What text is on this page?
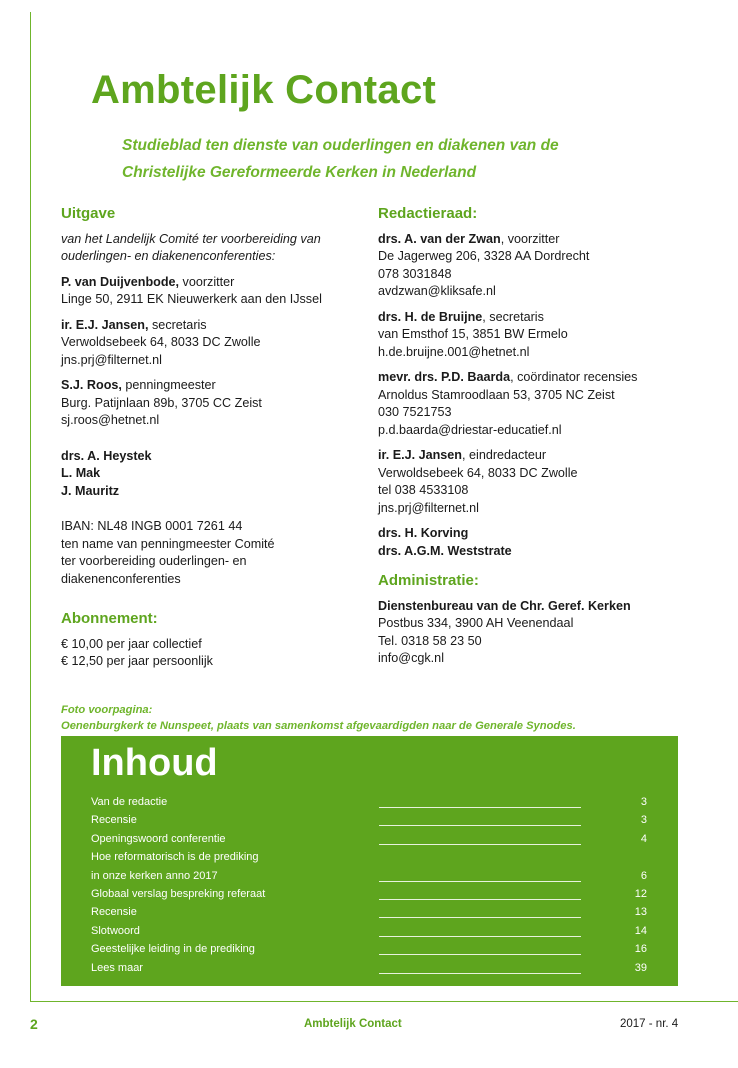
Ambtelijk Contact
Studieblad ten dienste van ouderlingen en diakenen van de
Christelijke Gereformeerde Kerken in Nederland
Uitgave
van het Landelijk Comité ter voorbereiding van
ouderlingen- en diakenenconferenties:
P. van Duijvenbode, voorzitter
Linge 50, 2911 EK Nieuwerkerk aan den IJssel
ir. E.J. Jansen, secretaris
Verwoldsebeek 64, 8033 DC Zwolle
jns.prj@filternet.nl
S.J. Roos, penningmeester
Burg. Patijnlaan 89b, 3705 CC Zeist
sj.roos@hetnet.nl
drs. A. Heystek
L. Mak
J. Mauritz
IBAN: NL48 INGB 0001 7261 44
ten name van penningmeester Comité
ter voorbereiding ouderlingen- en
diakenenconferenties
Abonnement:
€ 10,00 per jaar collectief
€ 12,50 per jaar persoonlijk
Redactieraad:
drs. A. van der Zwan, voorzitter
De Jagerweg 206, 3328 AA Dordrecht
078 3031848
avdzwan@kliksafe.nl
drs. H. de Bruijne, secretaris
van Emsthof 15, 3851 BW Ermelo
h.de.bruijne.001@hetnet.nl
mevr. drs. P.D. Baarda, coördinator recensies
Arnoldus Stamroodlaan 53, 3705 NC Zeist
030 7521753
p.d.baarda@driestar-educatief.nl
ir. E.J. Jansen, eindredacteur
Verwoldsebeek 64, 8033 DC Zwolle
tel 038 4533108
jns.prj@filternet.nl
drs. H. Korving
drs. A.G.M. Weststrate
Administratie:
Dienstenbureau van de Chr. Geref. Kerken
Postbus 334, 3900 AH Veenendaal
Tel. 0318 58 23 50
info@cgk.nl
Foto voorpagina:
Oenenburgkerk te Nunspeet, plaats van samenkomst afgevaardigden naar de Generale Synodes.
Inhoud
Van de redactie	3
Recensie	3
Openingswoord conferentie	4
Hoe reformatorisch is de prediking
in onze kerken anno 2017	6
Globaal verslag bespreking referaat	12
Recensie	13
Slotwoord	14
Geestelijke leiding in de prediking	16
Lees maar	39
2	Ambtelijk Contact	2017 - nr. 4
